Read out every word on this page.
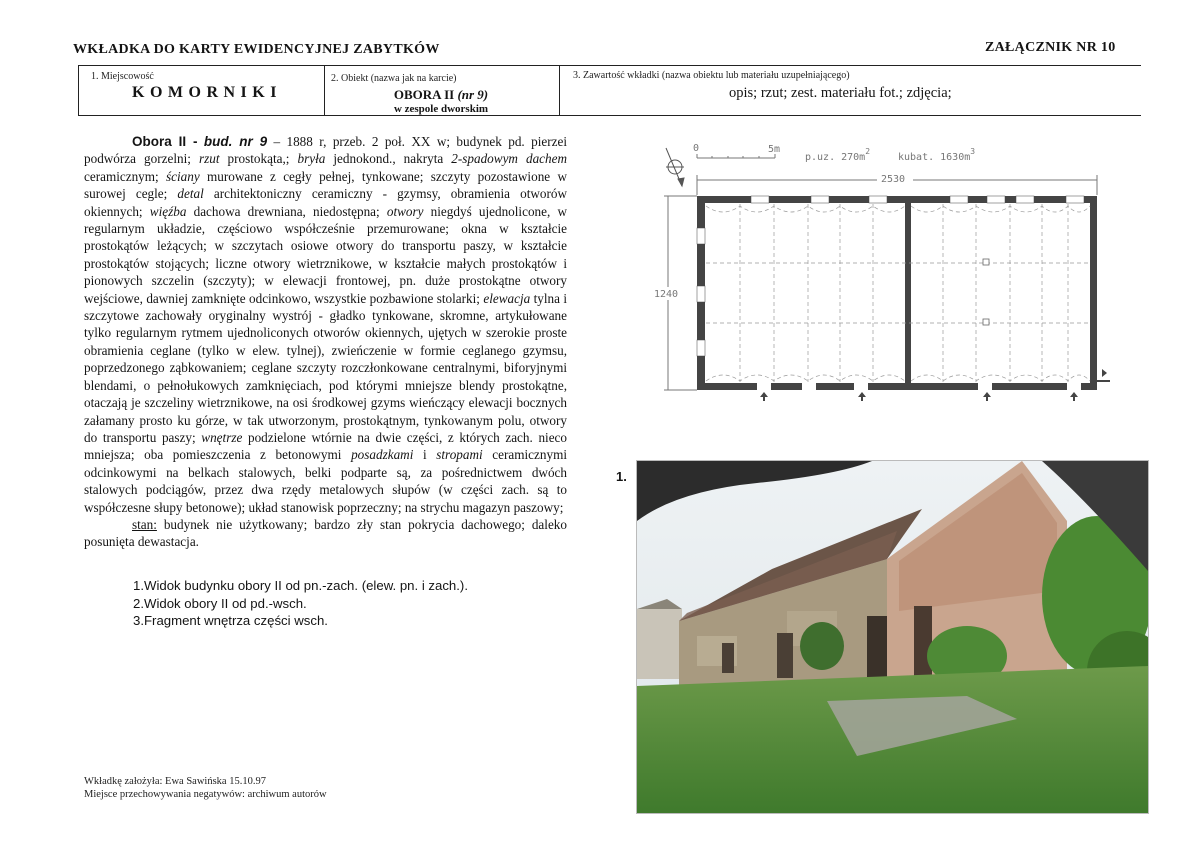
WKŁADKA DO KARTY EWIDENCYJNEJ ZABYTKÓW	ZAŁĄCZNIK NR 10
1. Miejscowość
KOMORNIKI
2. Obiekt (nazwa jak na karcie)
OBORA II (nr 9)
w zespole dworskim
3. Zawartość wkładki (nazwa obiektu lub materiału uzupełniającego)
opis; rzut; zest. materiału fot.; zdjęcia;

Obora II - bud. nr 9 – 1888 r, przeb. 2 poł. XX w; budynek pd. pierzei podwórza gorzelni; rzut prostokąta,; bryła jednokond., nakryta 2-spadowym dachem ceramicznym; ściany murowane z cegły pełnej, tynkowane; szczyty pozostawione w surowej cegle; detal architektoniczny ceramiczny - gzymsy, obramienia otworów okiennych; więźba dachowa drewniana, niedostępna; otwory niegdyś ujednolicone, w regularnym układzie, częściowo współcześnie przemurowane; okna w kształcie prostokątów leżących; w szczytach osiowe otwory do transportu paszy, w kształcie prostokątów stojących; liczne otwory wietrznikowe, w kształcie małych prostokątów i pionowych szczelin (szczyty); w elewacji frontowej, pn. duże prostokątne otwory wejściowe, dawniej zamknięte odcinkowo, wszystkie pozbawione stolarki; elewacja tylna i szczytowe zachowały oryginalny wystrój - gładko tynkowane, skromne, artykułowane tylko regularnym rytmem ujednoliconych otworów okiennych, ujętych w szerokie proste obramienia ceglane (tylko w elew. tylnej), zwieńczenie w formie ceglanego gzymsu, poprzedzonego ząbkowaniem; ceglane szczyty rozczłonkowane centralnymi, biforyjnymi blendami, o pełnołukowych zamknięciach, pod którymi mniejsze blendy prostokątne, otaczają je szczeliny wietrznikowe, na osi środkowej gzyms wieńczący elewacji bocznych załamany prosto ku górze, w tak utworzonym, prostokątnym, tynkowanym polu, otwory do transportu paszy; wnętrze podzielone wtórnie na dwie części, z których zach. nieco mniejsza; oba pomieszczenia z betonowymi posadzkami i stropami ceramicznymi odcinkowymi na belkach stalowych, belki podparte są, za pośrednictwem dwóch stalowych podciągów, przez dwa rzędy metalowych słupów (w części zach. są to współczesne słupy betonowe); układ stanowisk poprzeczny; na strychu magazyn paszowy;
stan: budynek nie użytkowany; bardzo zły stan pokrycia dachowego; daleko posunięta dewastacja.

1.Widok budynku obory II od pn.-zach. (elew. pn. i zach.).
2.Widok obory II od pd.-wsch.
3.Fragment wnętrza części wsch.
Wkładkę założyła: Ewa Sawińska 15.10.97
Miejsce przechowywania negatywów: archiwum autorów
0	5m
p.uz. $270m^2$
kubat. $1630m^3$
2530
1240
1.
